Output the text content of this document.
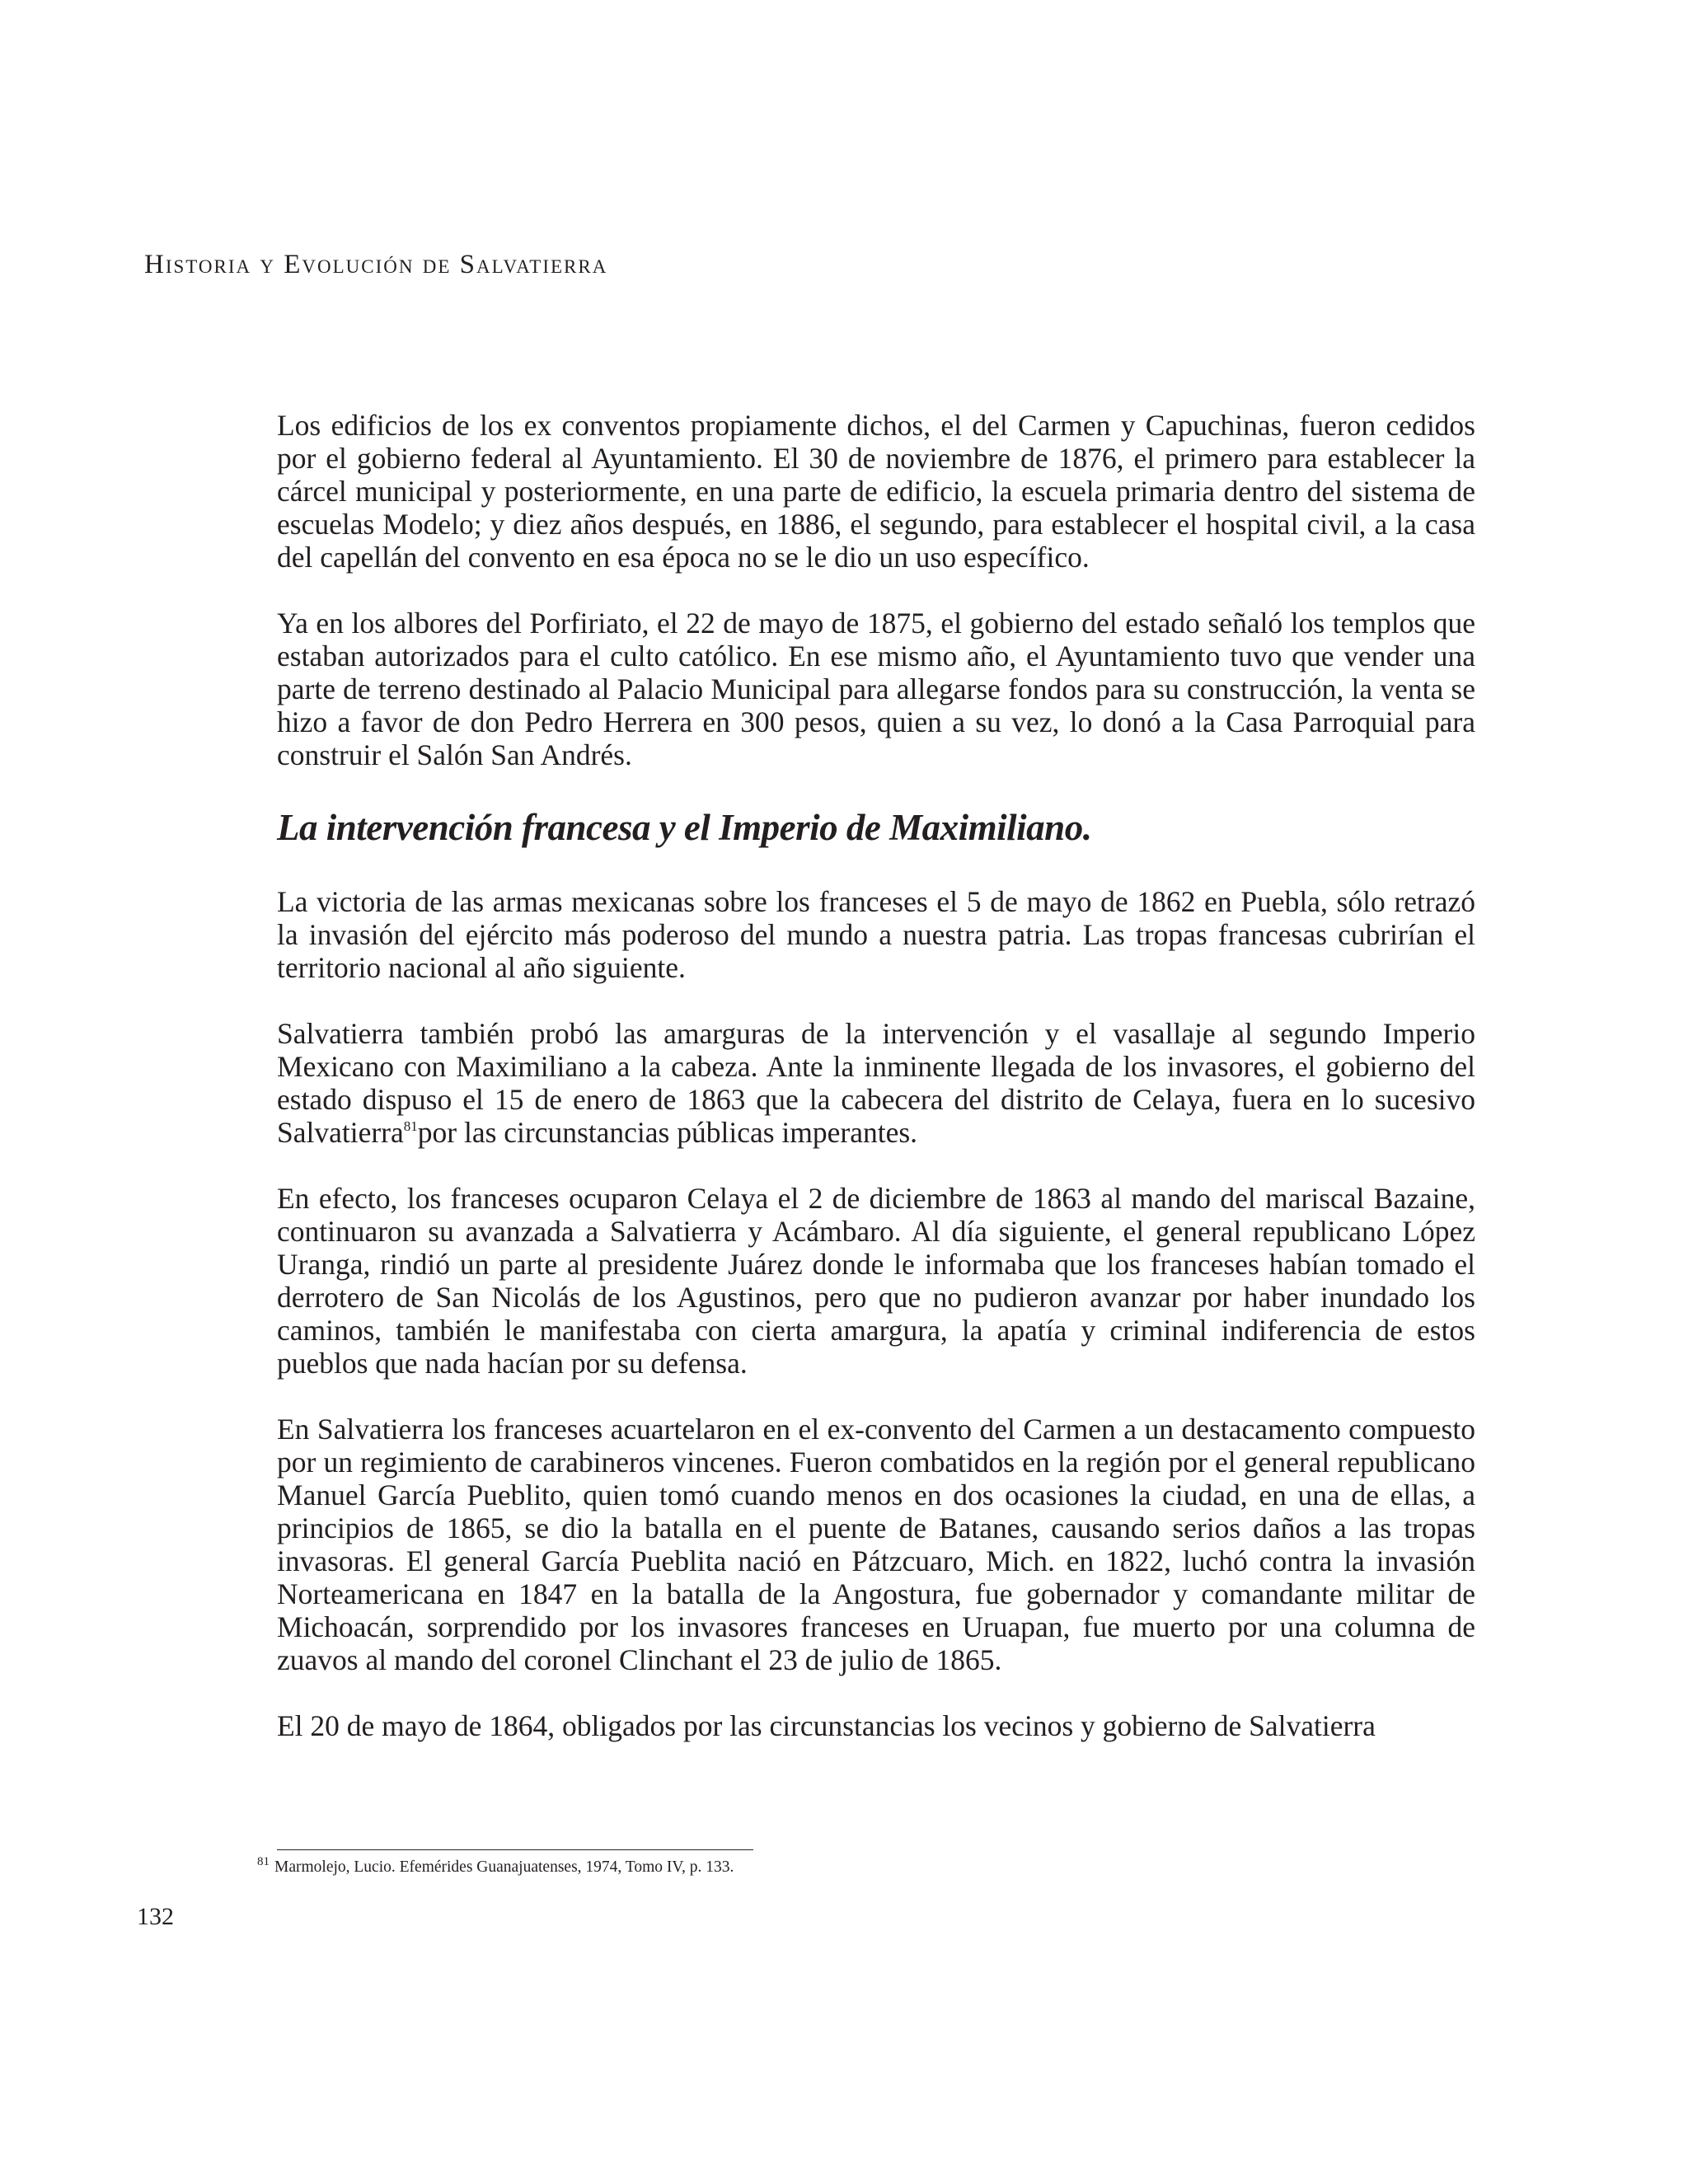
Historia y Evolución de Salvatierra

Los edificios de los ex conventos propiamente dichos, el del Carmen y Capuchinas, fueron cedidos por el gobierno federal al Ayuntamiento. El 30 de noviembre de 1876, el primero para establecer la cárcel municipal y posteriormente, en una parte de edificio, la escuela primaria dentro del sistema de escuelas Modelo; y diez años después, en 1886, el segundo, para establecer el hospital civil, a la casa del capellán del convento en esa época no se le dio un uso específico.

Ya en los albores del Porfiriato, el 22 de mayo de 1875, el gobierno del estado señaló los templos que estaban autorizados para el culto católico. En ese mismo año, el Ayuntamiento tuvo que vender una parte de terreno destinado al Palacio Municipal para allegarse fondos para su construcción, la venta se hizo a favor de don Pedro Herrera en 300 pesos, quien a su vez, lo donó a la Casa Parroquial para construir el Salón San Andrés.

La intervención francesa y el Imperio de Maximiliano.

La victoria de las armas mexicanas sobre los franceses el 5 de mayo de 1862 en Puebla, sólo retrazó la invasión del ejército más poderoso del mundo a nuestra patria. Las tropas francesas cubrirían el territorio nacional al año siguiente.

Salvatierra también probó las amarguras de la intervención y el vasallaje al segundo Imperio Mexicano con Maximiliano a la cabeza. Ante la inminente llegada de los invasores, el gobierno del estado dispuso el 15 de enero de 1863 que la cabecera del distrito de Celaya, fuera en lo sucesivo Salvatierra$^{81}$por las circunstancias públicas imperantes.

En efecto, los franceses ocuparon Celaya el 2 de diciembre de 1863 al mando del mariscal Bazaine, continuaron su avanzada a Salvatierra y Acámbaro. Al día siguiente, el general republicano López Uranga, rindió un parte al presidente Juárez donde le informaba que los franceses habían tomado el derrotero de San Nicolás de los Agustinos, pero que no pudieron avanzar por haber inundado los caminos, también le manifestaba con cierta amargura, la apatía y criminal indiferencia de estos pueblos que nada hacían por su defensa.

En Salvatierra los franceses acuartelaron en el ex-convento del Carmen a un destacamento compuesto por un regimiento de carabineros vincenes. Fueron combatidos en la región por el general republicano Manuel García Pueblito, quien tomó cuando menos en dos ocasiones la ciudad, en una de ellas, a principios de 1865, se dio la batalla en el puente de Batanes, causando serios daños a las tropas invasoras. El general García Pueblita nació en Pátzcuaro, Mich. en 1822, luchó contra la invasión Norteamericana en 1847 en la batalla de la Angostura, fue gobernador y comandante militar de Michoacán, sorprendido por los invasores franceses en Uruapan, fue muerto por una columna de zuavos al mando del coronel Clinchant el 23 de julio de 1865.

El 20 de mayo de 1864, obligados por las circunstancias los vecinos y gobierno de Salvatierra

$^{81}$ Marmolejo, Lucio. Efemérides Guanajuatenses, 1974, Tomo IV, p. 133.
132
